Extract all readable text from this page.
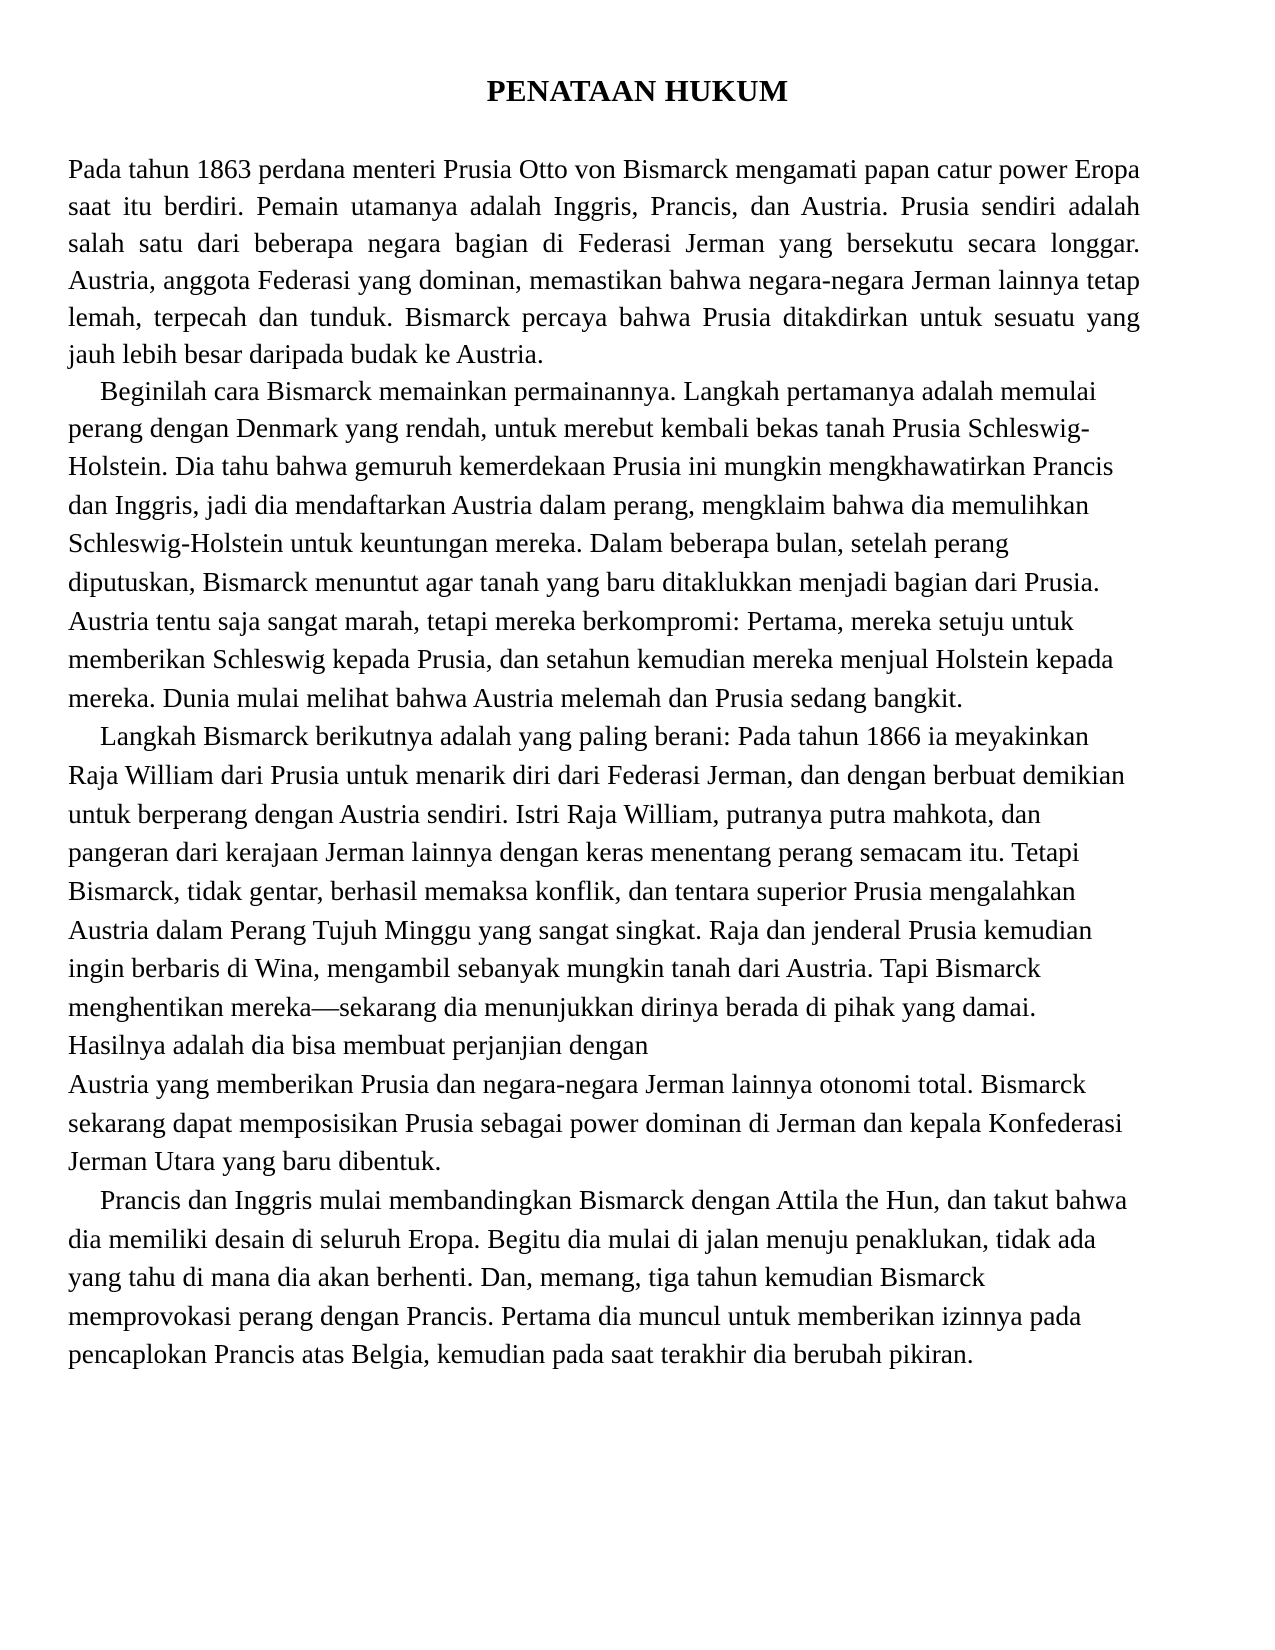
PENATAAN HUKUM

Pada tahun 1863 perdana menteri Prusia Otto von Bismarck mengamati papan catur power Eropa saat itu berdiri. Pemain utamanya adalah Inggris, Prancis, dan Austria. Prusia sendiri adalah salah satu dari beberapa negara bagian di Federasi Jerman yang bersekutu secara longgar. Austria, anggota Federasi yang dominan, memastikan bahwa negara-negara Jerman lainnya tetap lemah, terpecah dan tunduk. Bismarck percaya bahwa Prusia ditakdirkan untuk sesuatu yang jauh lebih besar daripada budak ke Austria.

Beginilah cara Bismarck memainkan permainannya. Langkah pertamanya adalah memulai perang dengan Denmark yang rendah, untuk merebut kembali bekas tanah Prusia Schleswig-

Holstein. Dia tahu bahwa gemuruh kemerdekaan Prusia ini mungkin mengkhawatirkan Prancis dan Inggris, jadi dia mendaftarkan Austria dalam perang, mengklaim bahwa dia memulihkan Schleswig-Holstein untuk keuntungan mereka. Dalam beberapa bulan, setelah perang diputuskan, Bismarck menuntut agar tanah yang baru ditaklukkan menjadi bagian dari Prusia. Austria tentu saja sangat marah, tetapi mereka berkompromi: Pertama, mereka setuju untuk memberikan Schleswig kepada Prusia, dan setahun kemudian mereka menjual Holstein kepada mereka. Dunia mulai melihat bahwa Austria melemah dan Prusia sedang bangkit.

Langkah Bismarck berikutnya adalah yang paling berani: Pada tahun 1866 ia meyakinkan Raja William dari Prusia untuk menarik diri dari Federasi Jerman, dan dengan berbuat demikian untuk berperang dengan Austria sendiri. Istri Raja William, putranya putra mahkota, dan pangeran dari kerajaan Jerman lainnya dengan keras menentang perang semacam itu. Tetapi

Bismarck, tidak gentar, berhasil memaksa konflik, dan tentara superior Prusia mengalahkan Austria dalam Perang Tujuh Minggu yang sangat singkat. Raja dan jenderal Prusia kemudian ingin berbaris di Wina, mengambil sebanyak mungkin tanah dari Austria. Tapi Bismarck menghentikan mereka—sekarang dia menunjukkan dirinya berada di pihak yang damai.

Hasilnya adalah dia bisa membuat perjanjian dengan

Austria yang memberikan Prusia dan negara-negara Jerman lainnya otonomi total. Bismarck sekarang dapat memposisikan Prusia sebagai power dominan di Jerman dan kepala Konfederasi Jerman Utara yang baru dibentuk.

Prancis dan Inggris mulai membandingkan Bismarck dengan Attila the Hun, dan takut bahwa dia memiliki desain di seluruh Eropa. Begitu dia mulai di jalan menuju penaklukan, tidak ada yang tahu di mana dia akan berhenti. Dan, memang, tiga tahun kemudian Bismarck memprovokasi perang dengan Prancis. Pertama dia muncul untuk memberikan izinnya pada pencaplokan Prancis atas Belgia, kemudian pada saat terakhir dia berubah pikiran.
